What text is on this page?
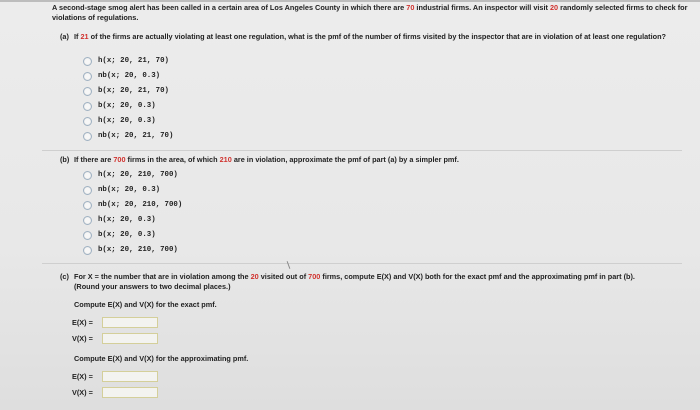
A second-stage smog alert has been called in a certain area of Los Angeles County in which there are 70 industrial firms. An inspector will visit 20 randomly selected firms to check for violations of regulations.
(a) If 21 of the firms are actually violating at least one regulation, what is the pmf of the number of firms visited by the inspector that are in violation of at least one regulation?
h(x; 20, 21, 70)
nb(x; 20, 0.3)
b(x; 20, 21, 70)
b(x; 20, 0.3)
h(x; 20, 0.3)
nb(x; 20, 21, 70)
(b) If there are 700 firms in the area, of which 210 are in violation, approximate the pmf of part (a) by a simpler pmf.
h(x; 20, 210, 700)
nb(x; 20, 0.3)
nb(x; 20, 210, 700)
h(x; 20, 0.3)
b(x; 20, 0.3)
b(x; 20, 210, 700)
(c) For X = the number that are in violation among the 20 visited out of 700 firms, compute E(X) and V(X) both for the exact pmf and the approximating pmf in part (b).
(Round your answers to two decimal places.)
Compute E(X) and V(X) for the exact pmf.
E(X) =
V(X) =
Compute E(X) and V(X) for the approximating pmf.
E(X) =
V(X) =
